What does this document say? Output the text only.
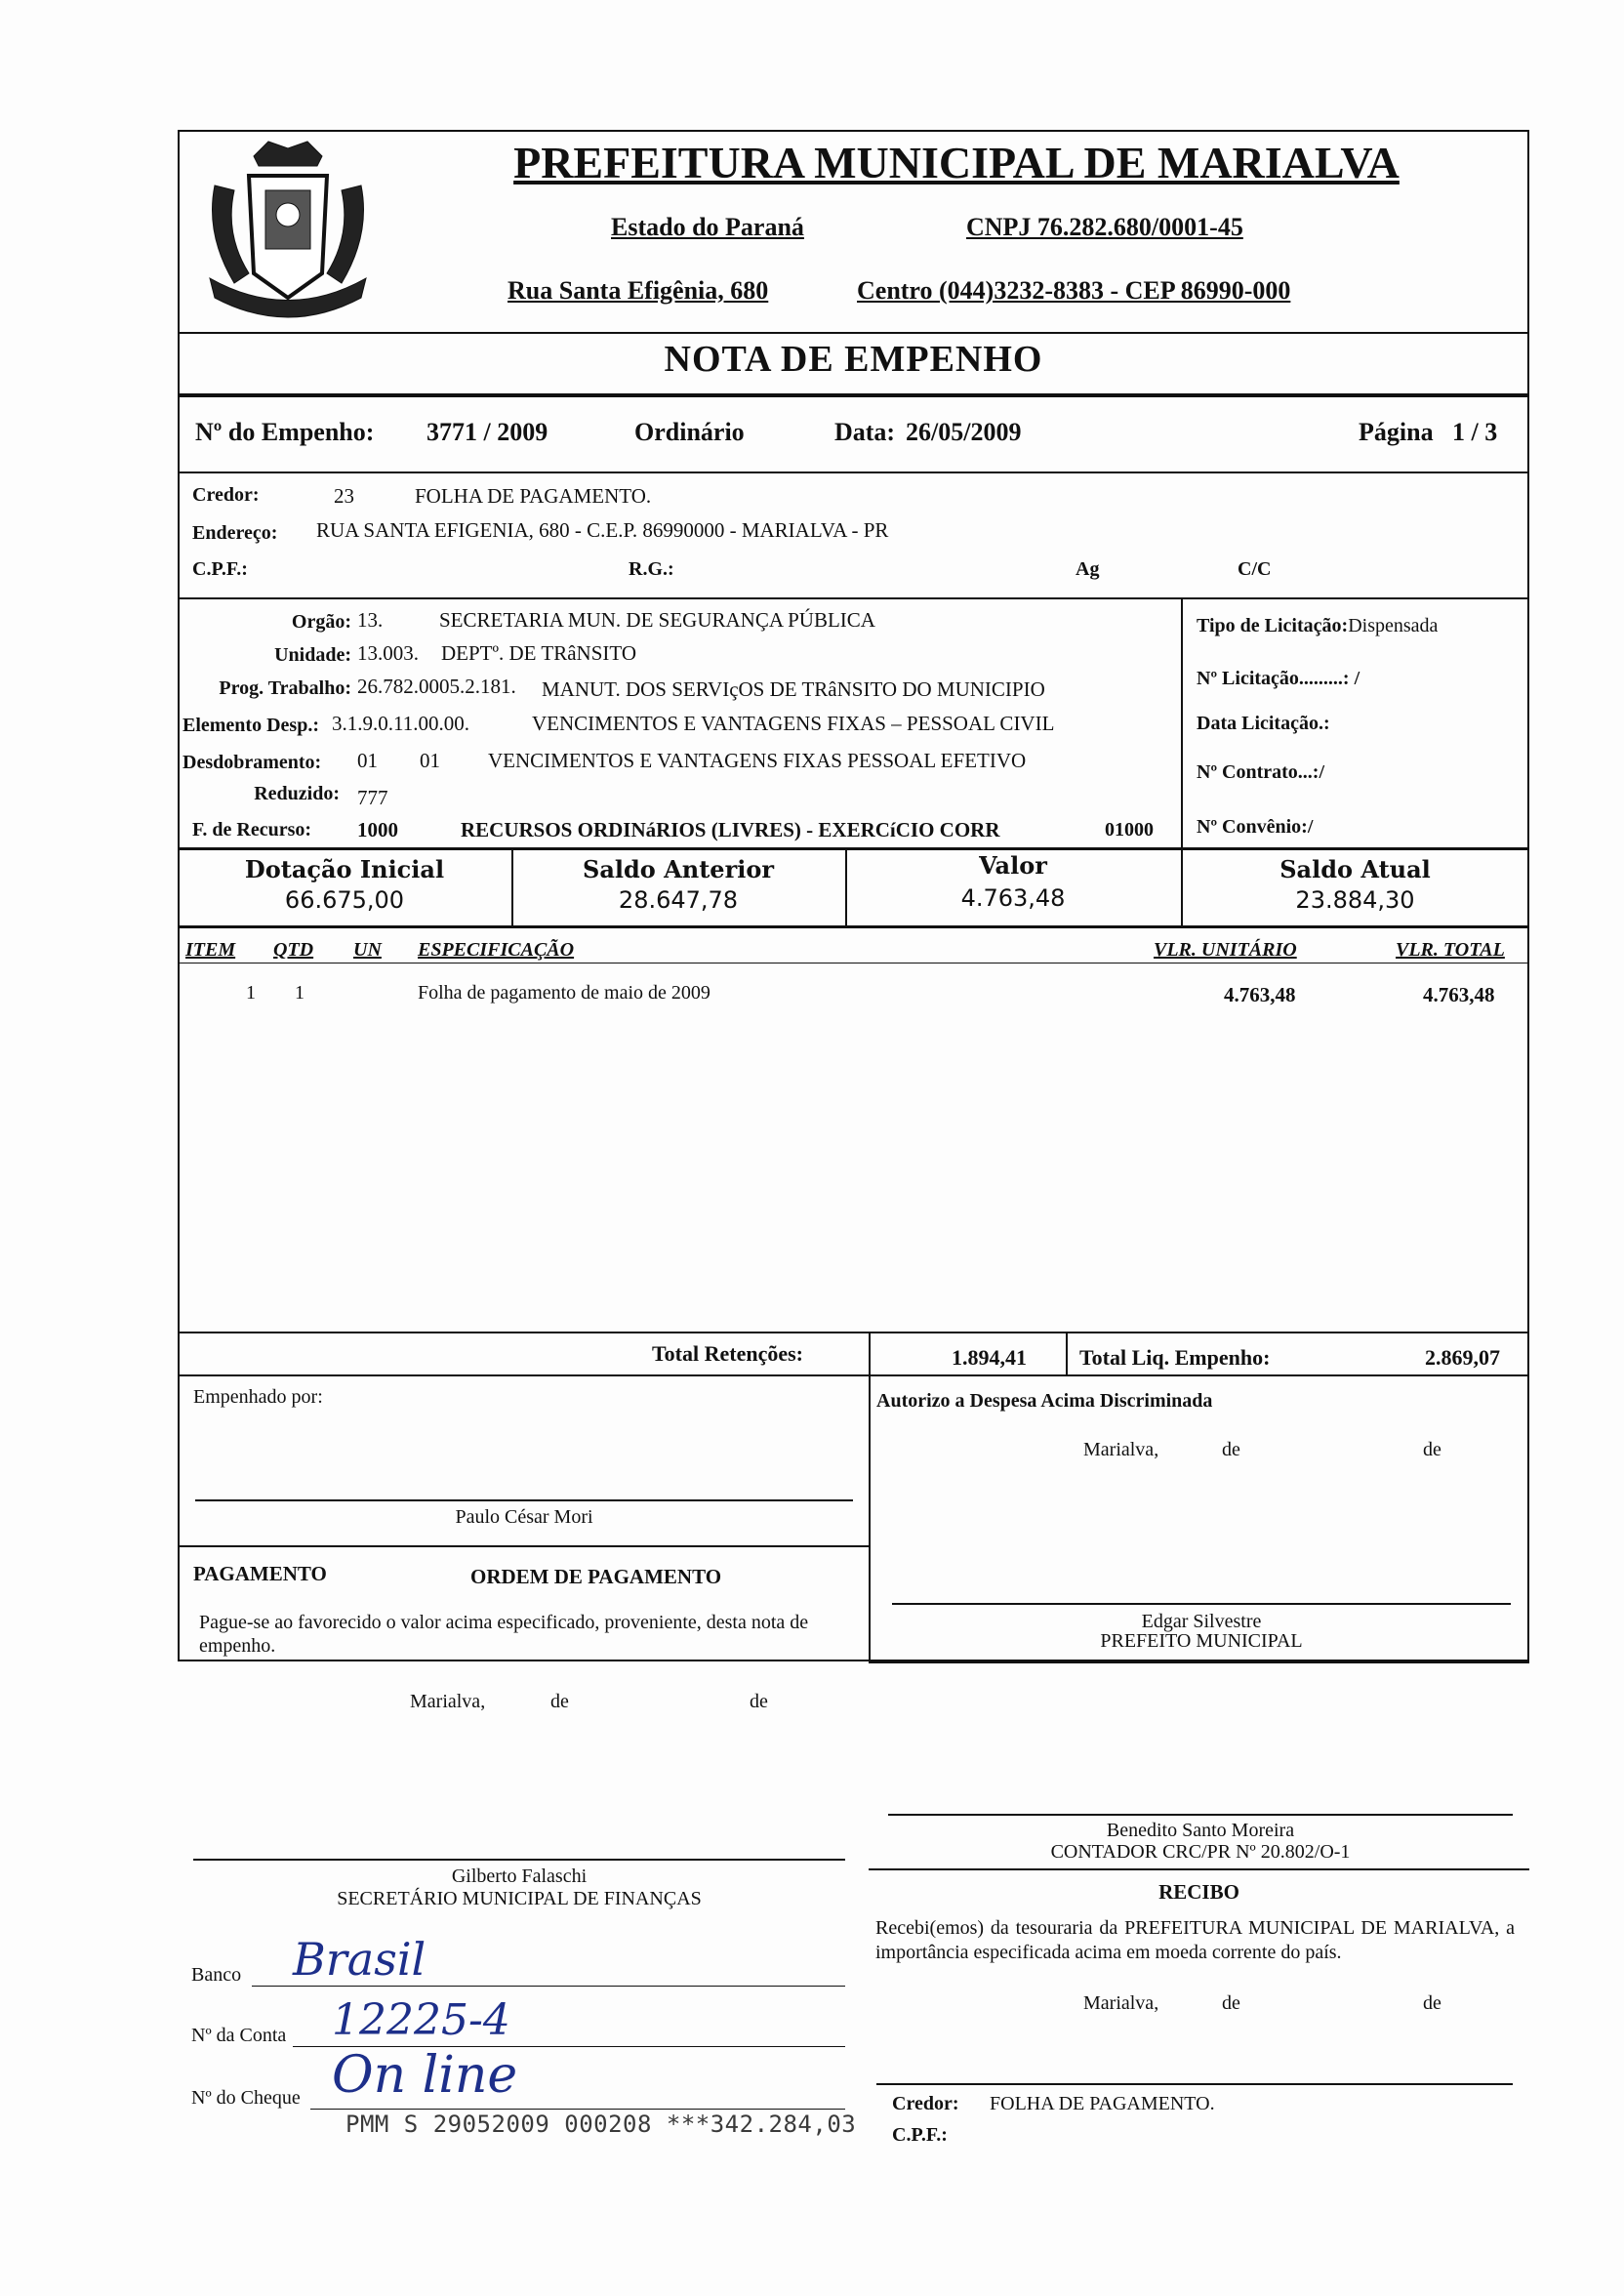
PREFEITURA MUNICIPAL DE MARIALVA
Estado do Paraná	CNPJ 76.282.680/0001-45
Rua Santa Efigênia, 680	Centro (044)3232-8383 - CEP 86990-000
NOTA DE EMPENHO
Nº do Empenho: 3771 / 2009	Ordinário	Data: 26/05/2009	Página 1 / 3
Credor:	23	FOLHA DE PAGAMENTO.
Endereço: RUA SANTA EFIGENIA, 680 - C.E.P. 86990000 - MARIALVA - PR
C.P.F.:	R.G.:	Ag	C/C
Orgão: 13.	SECRETARIA MUN. DE SEGURANÇA PÚBLICA
Unidade: 13.003. DEPTº. DE TRâNSITO
Prog. Trabalho: 26.782.0005.2.181. MANUT. DOS SERVIçOS DE TRâNSITO DO MUNICIPIO
Elemento Desp.: 3.1.9.0.11.00.00.	VENCIMENTOS E VANTAGENS FIXAS – PESSOAL CIVIL
Desdobramento: 01 01 VENCIMENTOS E VANTAGENS FIXAS PESSOAL EFETIVO
Reduzido: 777
F. de Recurso: 1000	RECURSOS ORDINáRIOS (LIVRES) - EXERCíCIO CORR	01000
Tipo de Licitação:Dispensada
Nº Licitação.........: /
Data Licitação.:
Nº Contrato...:/
Nº Convênio:/
Dotação Inicial
66.675,00
Saldo Anterior
28.647,78
Valor
4.763,48
Saldo Atual
23.884,30
ITEM QTD UN ESPECIFICAÇÃO	VLR. UNITÁRIO	VLR. TOTAL
1 1	Folha de pagamento de maio de 2009	4.763,48	4.763,48
Total Retenções:	1.894,41 Total Liq. Empenho:	2.869,07
Empenhado por:
Paulo César Mori
PAGAMENTO	ORDEM DE PAGAMENTO
Pague-se ao favorecido o valor acima especificado, proveniente, desta nota de empenho.
Marialva,	de	de
Gilberto Falaschi
SECRETÁRIO MUNICIPAL DE FINANÇAS
Banco Brasil
Nº da Conta 12225-4
Nº do Cheque On line
Autorizo a Despesa Acima Discriminada
Marialva,	de	de
Edgar Silvestre
PREFEITO MUNICIPAL
Benedito Santo Moreira
CONTADOR CRC/PR Nº 20.802/O-1
RECIBO
Recebi(emos) da tesouraria da PREFEITURA MUNICIPAL DE MARIALVA, a importância especificada acima em moeda corrente do país.
Marialva,	de	de
Credor: FOLHA DE PAGAMENTO.
C.P.F.:
PMM S 29052009 000208 ***342.284,03
